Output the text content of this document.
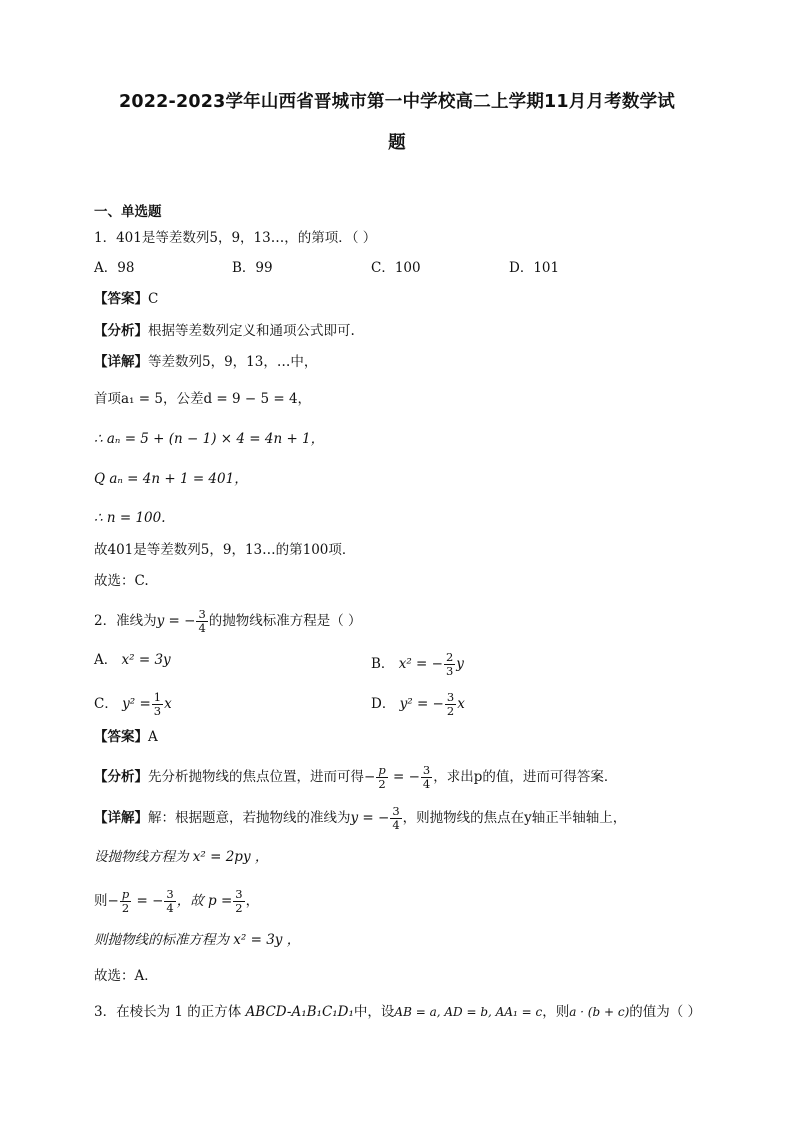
2022-2023学年山西省晋城市第一中学校高二上学期11月月考数学试
题
一、单选题
1．401是等差数列5，9，13…，的第项．（ ）
A．98	B．99	C．100	D．101
【答案】C
【分析】根据等差数列定义和通项公式即可.
【详解】等差数列5，9，13，…中，
首项a₁ = 5，公差d = 9 − 5 = 4，
∴ aₙ = 5 + (n − 1) × 4 = 4n + 1，
Q aₙ = 4n + 1 = 401，
∴ n = 100.
故401是等差数列5，9，13…的第100项．
故选：C.
2．准线为y = − $\frac{3}{4}$ 的抛物线标准方程是（ ）
A． x² = 3y	B． x² = − $\frac{2}{3}$ y
C． $y^2 = \frac{1}{3}$ x	D． y² = − $\frac{3}{2}$ x
【答案】A
【分析】先分析抛物线的焦点位置，进而可得− $\frac{p}{2}$ = − $\frac{3}{4}$ ，求出p的值，进而可得答案．
【详解】解：根据题意，若抛物线的准线为y = − $\frac{3}{4}$ ，则抛物线的焦点在y轴正半轴轴上，
设抛物线方程为 x² = 2py ，
则− $\frac{p}{2}$ = − $\frac{3}{4}$ ，故 $p = \frac{3}{2}$ ，
则抛物线的标准方程为 x² = 3y ，
故选：A．
3．在棱长为 1 的正方体 ABCD-A₁B₁C₁D₁中，设AB = a, AD = b, AA₁ = c，则a · (b + c)的值为（ ）
